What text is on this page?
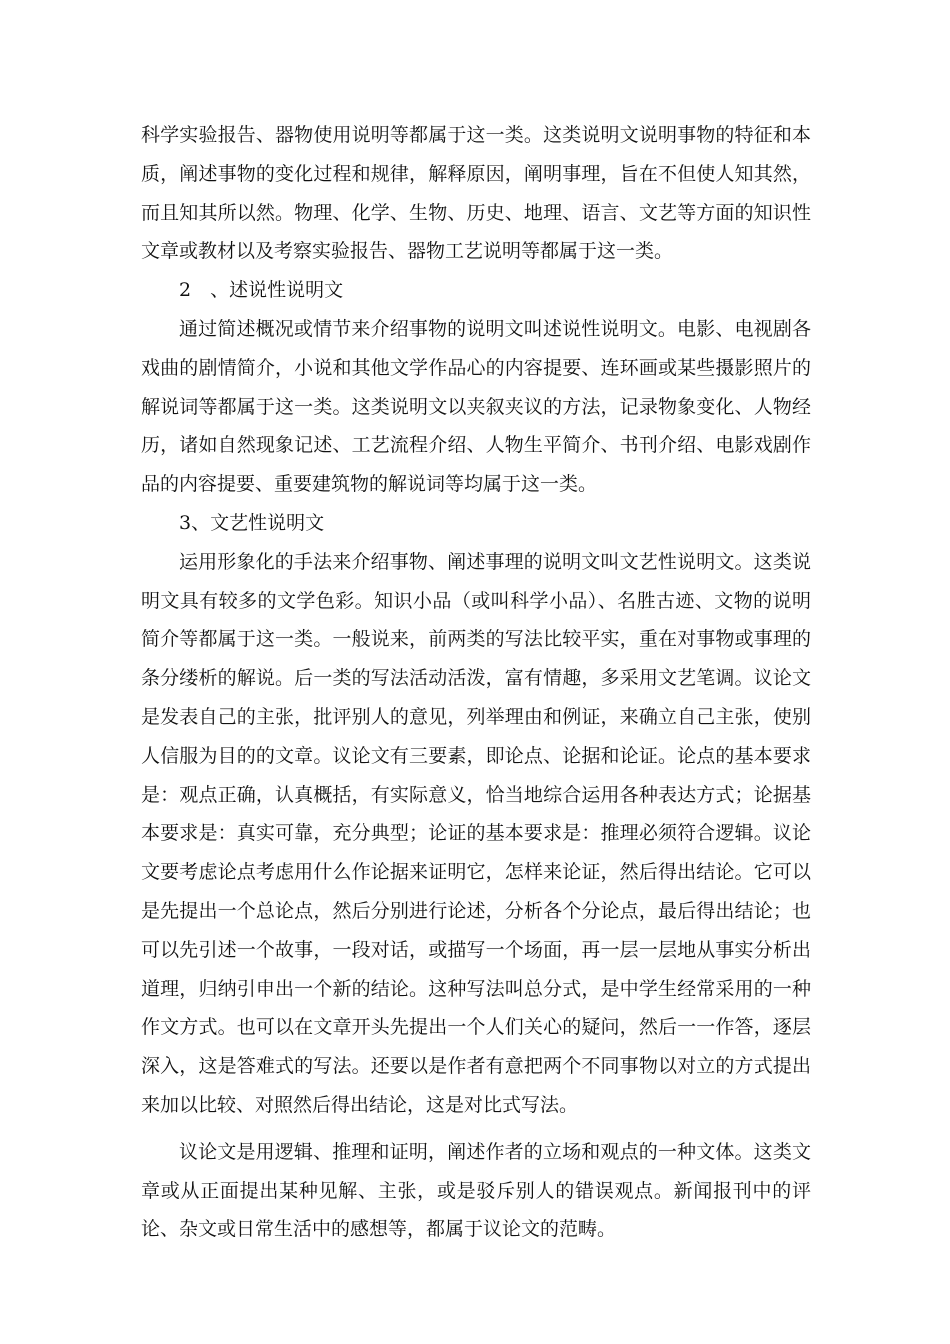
科学实验报告、器物使用说明等都属于这一类。这类说明文说明事物的特征和本质，阐述事物的变化过程和规律，解释原因，阐明事理，旨在不但使人知其然，而且知其所以然。物理、化学、生物、历史、地理、语言、文艺等方面的知识性文章或教材以及考察实验报告、器物工艺说明等都属于这一类。

2　、述说性说明文

通过简述概况或情节来介绍事物的说明文叫述说性说明文。电影、电视剧各戏曲的剧情简介，小说和其他文学作品心的内容提要、连环画或某些摄影照片的解说词等都属于这一类。这类说明文以夹叙夹议的方法，记录物象变化、人物经历，诸如自然现象记述、工艺流程介绍、人物生平简介、书刊介绍、电影戏剧作品的内容提要、重要建筑物的解说词等均属于这一类。

3、文艺性说明文

运用形象化的手法来介绍事物、阐述事理的说明文叫文艺性说明文。这类说明文具有较多的文学色彩。知识小品（或叫科学小品）、名胜古迹、文物的说明简介等都属于这一类。一般说来，前两类的写法比较平实，重在对事物或事理的条分缕析的解说。后一类的写法活动活泼，富有情趣，多采用文艺笔调。议论文是发表自己的主张，批评别人的意见，列举理由和例证，来确立自己主张，使别人信服为目的的文章。议论文有三要素，即论点、论据和论证。论点的基本要求是：观点正确，认真概括，有实际意义，恰当地综合运用各种表达方式；论据基本要求是：真实可靠，充分典型；论证的基本要求是：推理必须符合逻辑。议论文要考虑论点考虑用什么作论据来证明它，怎样来论证，然后得出结论。它可以是先提出一个总论点，然后分别进行论述，分析各个分论点，最后得出结论；也可以先引述一个故事，一段对话，或描写一个场面，再一层一层地从事实分析出道理，归纳引申出一个新的结论。这种写法叫总分式，是中学生经常采用的一种作文方式。也可以在文章开头先提出一个人们关心的疑问，然后一一作答，逐层深入，这是答难式的写法。还要以是作者有意把两个不同事物以对立的方式提出来加以比较、对照然后得出结论，这是对比式写法。

议论文是用逻辑、推理和证明，阐述作者的立场和观点的一种文体。这类文章或从正面提出某种见解、主张，或是驳斥别人的错误观点。新闻报刊中的评论、杂文或日常生活中的感想等，都属于议论文的范畴。
